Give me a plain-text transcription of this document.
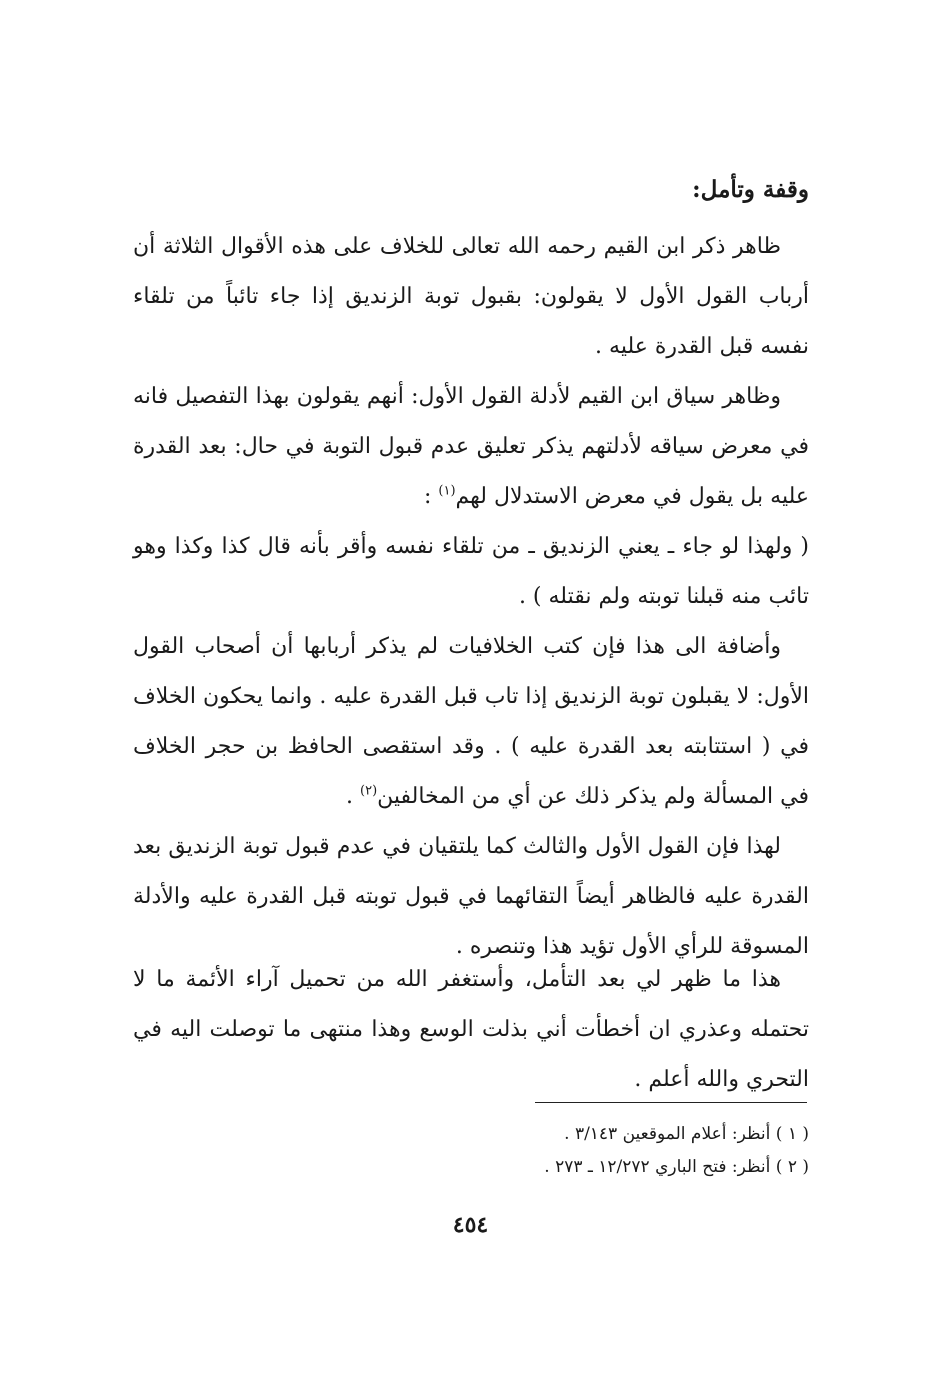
وقفة وتأمل:

ظاهر ذكر ابن القيم رحمه الله تعالى للخلاف على هذه الأقوال الثلاثة أن أرباب القول الأول لا يقولون: بقبول توبة الزنديق إذا جاء تائباً من تلقاء نفسه قبل القدرة عليه .

وظاهر سياق ابن القيم لأدلة القول الأول: أنهم يقولون بهذا التفصيل فانه في معرض سياقه لأدلتهم يذكر تعليق عدم قبول التوبة في حال: بعد القدرة عليه بل يقول في معرض الاستدلال لهم$^{(١)}$ :

( ولهذا لو جاء ـ يعني الزنديق ـ من تلقاء نفسه وأقر بأنه قال كذا وكذا وهو تائب منه قبلنا توبته ولم نقتله ) .

وأضافة الى هذا فإن كتب الخلافيات لم يذكر أربابها أن أصحاب القول الأول: لا يقبلون توبة الزنديق إذا تاب قبل القدرة عليه . وانما يحكون الخلاف في ( استتابته بعد القدرة عليه ) . وقد استقصى الحافظ بن حجر الخلاف في المسألة ولم يذكر ذلك عن أي من المخالفين$^{(٢)}$ .

لهذا فإن القول الأول والثالث كما يلتقيان في عدم قبول توبة الزنديق بعد القدرة عليه فالظاهر أيضاً التقائهما في قبول توبته قبل القدرة عليه والأدلة المسوقة للرأي الأول تؤيد هذا وتنصره .

هذا ما ظهر لي بعد التأمل، وأستغفر الله من تحميل آراء الأئمة ما لا تحتمله وعذري ان أخطأت أني بذلت الوسع وهذا منتهى ما توصلت اليه في التحري والله أعلم .

( ١ ) أنظر: أعلام الموقعين ٣/١٤٣ .

( ٢ ) أنظر: فتح الباري ١٢/٢٧٢ ـ ٢٧٣ .

٤٥٤
